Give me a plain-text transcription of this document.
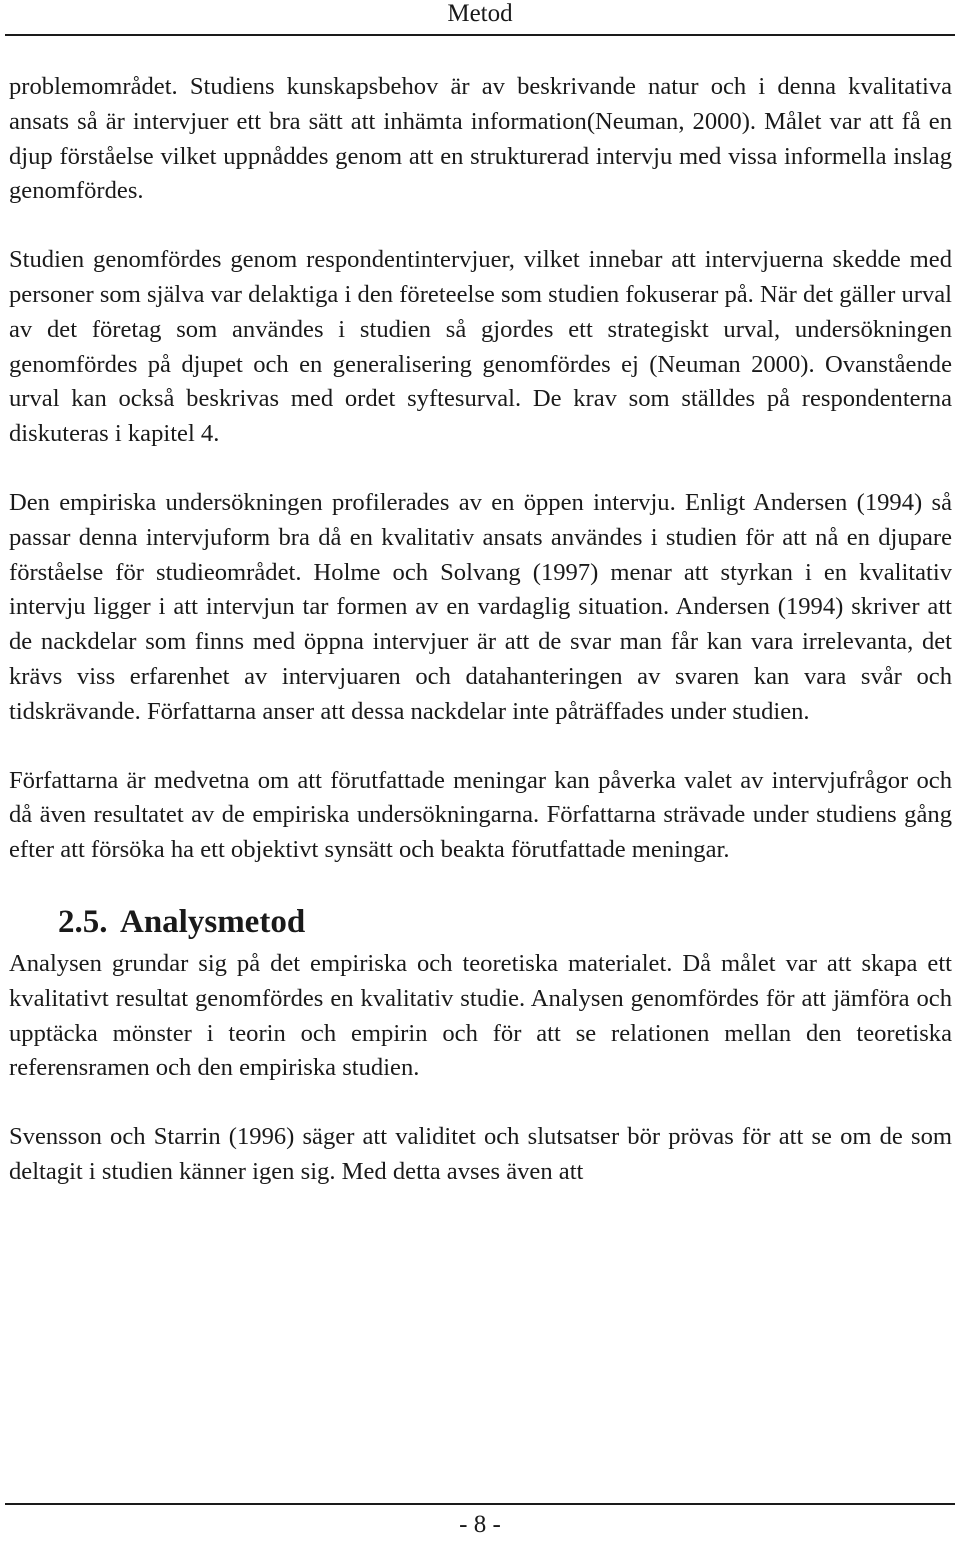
Metod

problemområdet. Studiens kunskapsbehov är av beskrivande natur och i denna kvalitativa ansats så är intervjuer ett bra sätt att inhämta information(Neuman, 2000). Målet var att få en djup förståelse vilket uppnåddes genom att en strukturerad intervju med vissa informella inslag genomfördes.

Studien genomfördes genom respondentintervjuer, vilket innebar att intervjuerna skedde med personer som själva var delaktiga i den företeelse som studien fokuserar på. När det gäller urval av det företag som användes i studien så gjordes ett strategiskt urval, undersökningen genomfördes på djupet och en generalisering genomfördes ej (Neuman 2000). Ovanstående urval kan också beskrivas med ordet syftesurval. De krav som ställdes på respondenterna diskuteras i kapitel 4.

Den empiriska undersökningen profilerades av en öppen intervju. Enligt Andersen (1994) så passar denna intervjuform bra då en kvalitativ ansats användes i studien för att nå en djupare förståelse för studieområdet. Holme och Solvang (1997) menar att styrkan i en kvalitativ intervju ligger i att intervjun tar formen av en vardaglig situation. Andersen (1994) skriver att de nackdelar som finns med öppna intervjuer är att de svar man får kan vara irrelevanta, det krävs viss erfarenhet av intervjuaren och datahanteringen av svaren kan vara svår och tidskrävande. Författarna anser att dessa nackdelar inte påträffades under studien.

Författarna är medvetna om att förutfattade meningar kan påverka valet av intervjufrågor och då även resultatet av de empiriska undersökningarna. Författarna strävade under studiens gång efter att försöka ha ett objektivt synsätt och beakta förutfattade meningar.

2.5. Analysmetod

Analysen grundar sig på det empiriska och teoretiska materialet. Då målet var att skapa ett kvalitativt resultat genomfördes en kvalitativ studie. Analysen genomfördes för att jämföra och upptäcka mönster i teorin och empirin och för att se relationen mellan den teoretiska referensramen och den empiriska studien.

Svensson och Starrin (1996) säger att validitet och slutsatser bör prövas för att se om de som deltagit i studien känner igen sig. Med detta avses även att

- 8 -
